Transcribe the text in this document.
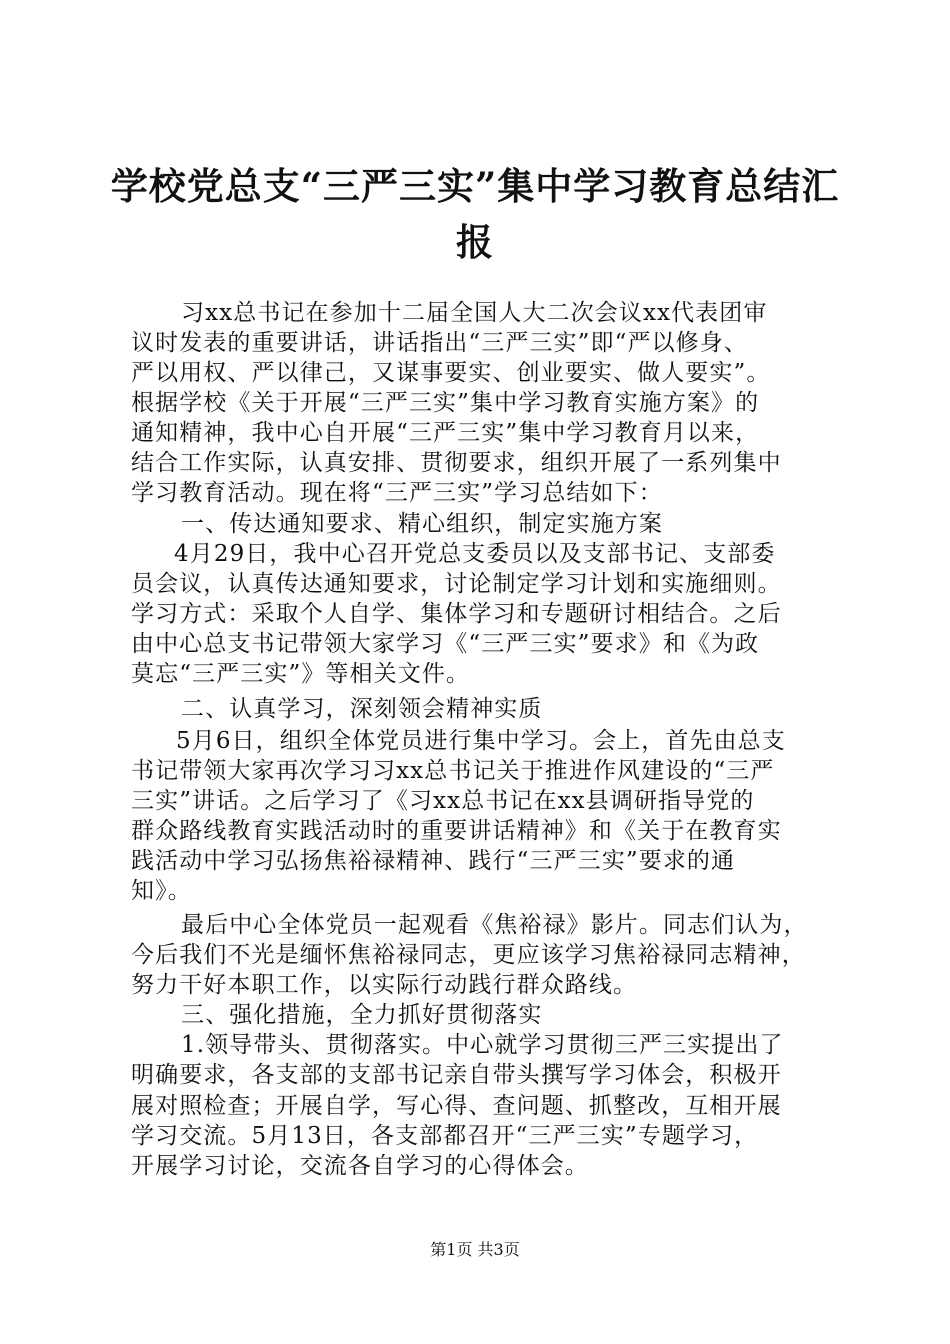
学校党总支“三严三实”集中学习教育总结汇
报
习xx总书记在参加十二届全国人大二次会议xx代表团审
议时发表的重要讲话，讲话指出“三严三实”即“严以修身、
严以用权、严以律己，又谋事要实、创业要实、做人要实”。
根据学校《关于开展“三严三实”集中学习教育实施方案》的
通知精神，我中心自开展“三严三实”集中学习教育月以来，
结合工作实际，认真安排、贯彻要求，组织开展了一系列集中
学习教育活动。现在将“三严三实”学习总结如下：
一、传达通知要求、精心组织，制定实施方案
4月29日，我中心召开党总支委员以及支部书记、支部委
员会议，认真传达通知要求，讨论制定学习计划和实施细则。
学习方式：采取个人自学、集体学习和专题研讨相结合。之后
由中心总支书记带领大家学习《“三严三实”要求》和《为政
莫忘“三严三实”》等相关文件。
二、认真学习，深刻领会精神实质
5月6日，组织全体党员进行集中学习。会上，首先由总支
书记带领大家再次学习习xx总书记关于推进作风建设的“三严
三实”讲话。之后学习了《习xx总书记在xx县调研指导党的
群众路线教育实践活动时的重要讲话精神》和《关于在教育实
践活动中学习弘扬焦裕禄精神、践行“三严三实”要求的通
知》。
最后中心全体党员一起观看《焦裕禄》影片。同志们认为，
今后我们不光是缅怀焦裕禄同志，更应该学习焦裕禄同志精神，
努力干好本职工作，以实际行动践行群众路线。
三、强化措施，全力抓好贯彻落实
1.领导带头、贯彻落实。中心就学习贯彻三严三实提出了
明确要求，各支部的支部书记亲自带头撰写学习体会，积极开
展对照检查；开展自学，写心得、查问题、抓整改，互相开展
学习交流。5月13日，各支部都召开“三严三实”专题学习，
开展学习讨论，交流各自学习的心得体会。
第1页 共3页
